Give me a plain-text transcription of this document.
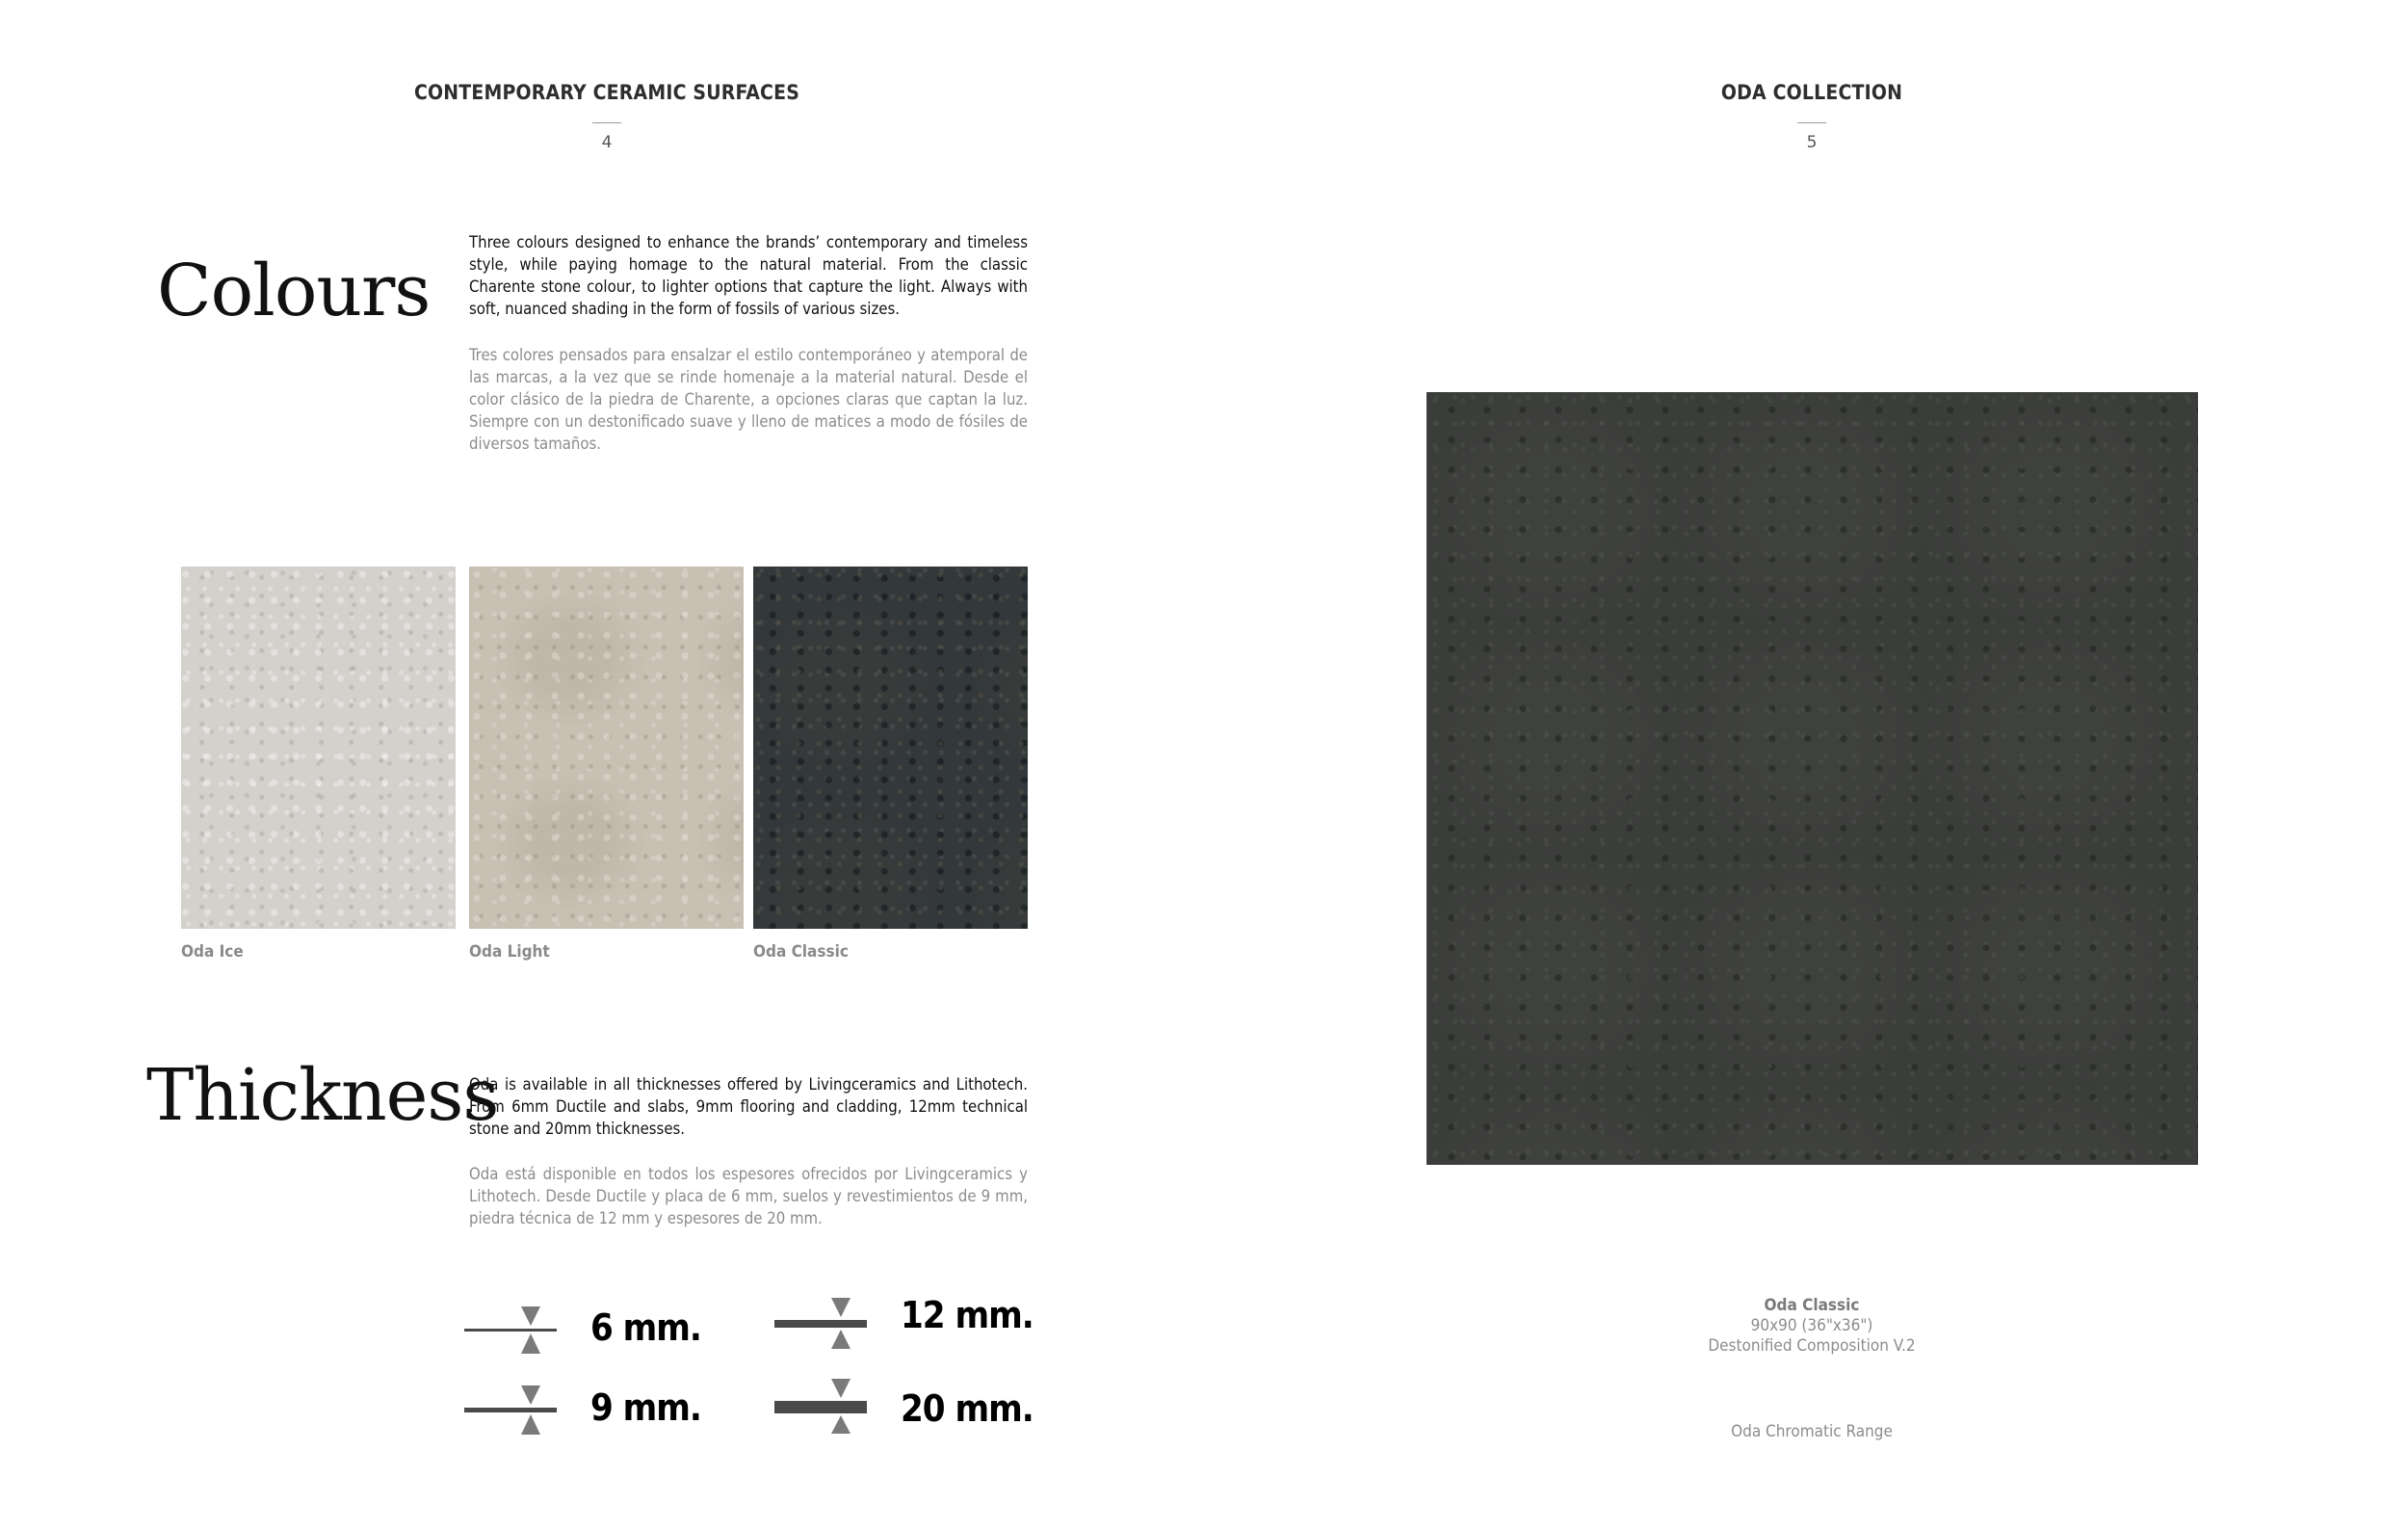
CONTEMPORARY CERAMIC SURFACES
4
Colours
Three colours designed to enhance the brands’ contemporary and timeless style, while paying homage to the natural material. From the classic Charente stone colour, to lighter options that capture the light. Always with soft, nuanced shading in the form of fossils of various sizes.
Tres colores pensados para ensalzar el estilo contemporáneo y atemporal de las marcas, a la vez que se rinde homenaje a la material natural. Desde el color clásico de la piedra de Charente, a opciones claras que captan la luz. Siempre con un destonificado suave y lleno de matices a modo de fósiles de diversos tamaños.
Oda Ice	Oda Light	Oda Classic
Thickness
Oda is available in all thicknesses offered by Livingceramics and Lithotech. From 6mm Ductile and slabs, 9mm flooring and cladding, 12mm technical stone and 20mm thicknesses.
Oda está disponible en todos los espesores ofrecidos por Livingceramics y Lithotech. Desde Ductile y placa de 6 mm, suelos y revestimientos de 9 mm, piedra técnica de 12 mm y espesores de 20 mm.
6 mm.
9 mm.
12 mm.
20 mm.
ODA COLLECTION
5
Oda Classic
90x90 (36"x36")
Destonified Composition V.2
Oda Chromatic Range
